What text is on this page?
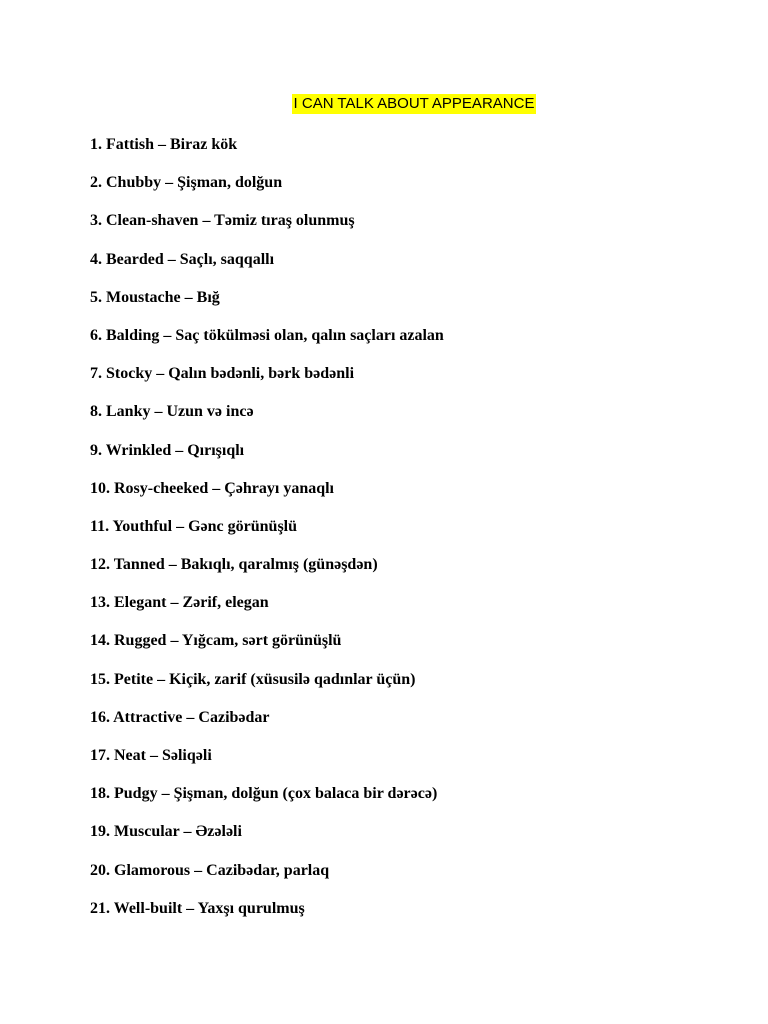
I CAN TALK ABOUT APPEARANCE
1. Fattish – Biraz kök
2. Chubby – Şişman, dolğun
3. Clean-shaven – Təmiz tıraş olunmuş
4. Bearded – Saçlı, saqqallı
5. Moustache – Bığ
6. Balding – Saç tökülməsi olan, qalın saçları azalan
7. Stocky – Qalın bədənli, bərk bədənli
8. Lanky – Uzun və incə
9. Wrinkled – Qırışıqlı
10. Rosy-cheeked – Çəhrayı yanaqlı
11. Youthful – Gənc görünüşlü
12. Tanned – Bakıqlı, qaralmış (günəşdən)
13. Elegant – Zərif, elegan
14. Rugged – Yığcam, sərt görünüşlü
15. Petite – Kiçik, zarif (xüsusilə qadınlar üçün)
16. Attractive – Cazibədar
17. Neat – Səliqəli
18. Pudgy – Şişman, dolğun (çox balaca bir dərəcə)
19. Muscular – Əzələli
20. Glamorous – Cazibədar, parlaq
21. Well-built – Yaxşı qurulmuş
